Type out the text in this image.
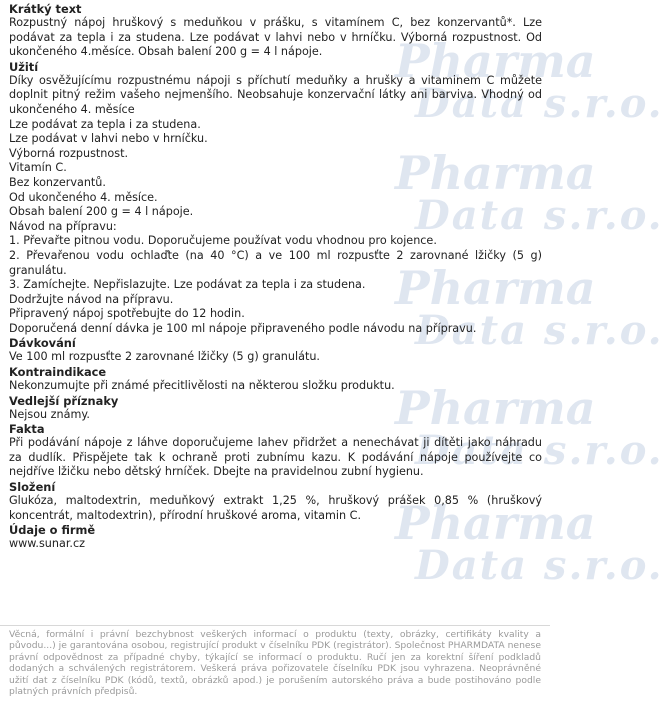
Pharma
Data s.r.o.
Pharma
Data s.r.o.
Pharma
Data s.r.o.
Pharma
Data s.r.o.
Pharma
Data s.r.o.
Krátký text
Rozpustný nápoj hruškový s meduňkou v prášku, s vitamínem C, bez konzervantů*. Lze podávat za tepla i za studena. Lze podávat v lahvi nebo v hrníčku. Výborná rozpustnost. Od ukončeného 4.měsíce. Obsah balení 200 g = 4 l nápoje.
Užití
Díky osvěžujícímu rozpustnému nápoji s příchutí meduňky a hrušky a vitaminem C můžete doplnit pitný režim vašeho nejmenšího. Neobsahuje konzervační látky ani barviva. Vhodný od ukončeného 4. měsíce
Lze podávat za tepla i za studena.
Lze podávat v lahvi nebo v hrníčku.
Výborná rozpustnost.
Vitamín C.
Bez konzervantů.
Od ukončeného 4. měsíce.
Obsah balení 200 g = 4 l nápoje.
Návod na přípravu:
1. Převařte pitnou vodu. Doporučujeme používat vodu vhodnou pro kojence.
2. Převařenou vodu ochlaďte (na 40 °C) a ve 100 ml rozpusťte 2 zarovnané lžičky (5 g) granulátu.
3. Zamíchejte. Nepřislazujte. Lze podávat za tepla i za studena.
Dodržujte návod na přípravu.
Připravený nápoj spotřebujte do 12 hodin.
Doporučená denní dávka je 100 ml nápoje připraveného podle návodu na přípravu.
Dávkování
Ve 100 ml rozpusťte 2 zarovnané lžičky (5 g) granulátu.
Kontraindikace
Nekonzumujte při známé přecitlivělosti na některou složku produktu.
Vedlejší příznaky
Nejsou známy.
Fakta
Při podávání nápoje z láhve doporučujeme lahev přidržet a nenechávat ji dítěti jako náhradu za dudlík. Přispějete tak k ochraně proti zubnímu kazu. K podávání nápoje používejte co nejdříve lžičku nebo dětský hrníček. Dbejte na pravidelnou zubní hygienu.
Složení
Glukóza, maltodextrin, meduňkový extrakt 1,25 %, hruškový prášek 0,85 % (hruškový koncentrát, maltodextrin), přírodní hruškové aroma, vitamin C.
Údaje o firmě
www.sunar.cz
Věcná, formální i právní bezchybnost veškerých informací o produktu (texty, obrázky, certifikáty kvality a původu...) je garantována osobou, registrující produkt v číselníku PDK (registrátor). Společnost PHARMDATA nenese právní odpovědnost za případné chyby, týkající se informací o produktu. Ručí jen za korektní šíření podkladů dodaných a schválených registrátorem. Veškerá práva pořizovatele číselníku PDK jsou vyhrazena. Neoprávněné užití dat z číselníku PDK (kódů, textů, obrázků apod.) je porušením autorského práva a bude postihováno podle platných právních předpisů.
